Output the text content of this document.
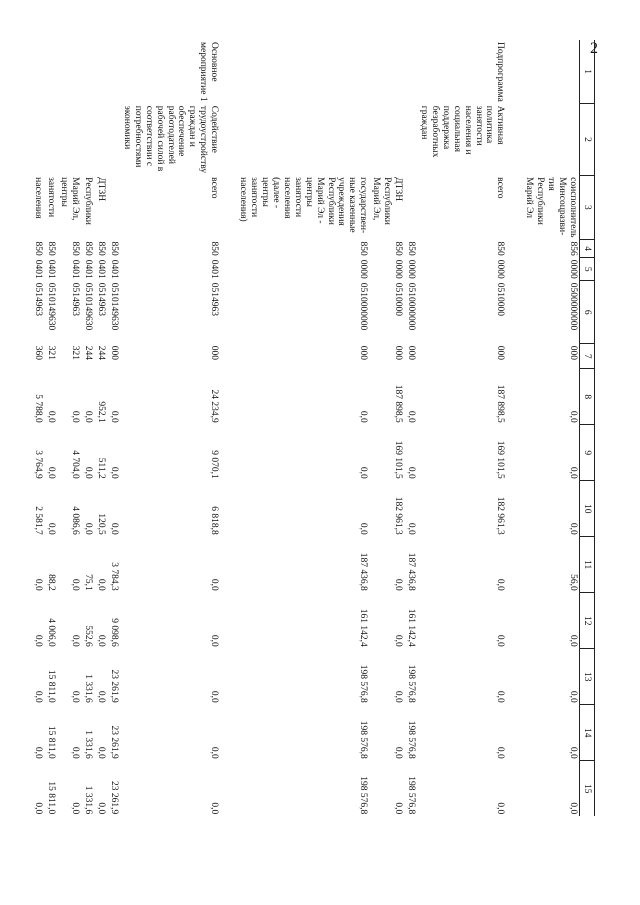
2
1	2	3	4	5	6	7	8	9	10	11	12	13	14	15
		соисполнитель Минсоцразви-тия Республики Марий Эл	856	0000	0500000000	000	0,0	0,0	0,0	56,0	0,0	0,0	0,0	0,0

Подпрограмма	Активная политика занятости населения и социальная поддержка безработных граждан	всего	850	0000	0510000	000	187 898,5	169 101,5	182 961,3	0,0	0,0	0,0	0,0	0,0
			850	0000	0510000000	000	0,0	0,0	0,0	187 436,8	161 142,4	198 576,8	198 576,8	198 576,8
		ДТЗН Республики Марий Эл,	850	0000	0510000	000	187 898,5	169 101,5	182 961,3	0,0	0,0	0,0	0,0	0,0
		государствен-ные казенные учреждения Республики Марий Эл - центры занятости населения (далее - центры занятости населения)	850	0000	0510000000	000	0,0	0,0	0,0	187 436,8	161 142,4	198 576,8	198 576,8	198 576,8

Основное мероприятие 1	Содействие трудоустройству граждан и обеспечение работодателей рабочей силой в соответствии с потребностями экономики	всего	850	0401	0514963	000	24 234,9	9 070,1	6 818,8	0,0	0,0	0,0	0,0	0,0
			850	0401	0510149630	000	0,0	0,0	0,0	3 784,3	9 098,6	23 261,9	23 261,9	23 261,9
		ДТЗН	850	0401	0514963	244	952,1	511,2	120,5	0,0	0,0	0,0	0,0	0,0
		Республики	850	0401	0510149630	244	0,0	0,0	0,0	75,1	552,6	1 331,6	1 331,6	1 331,6
		Марий Эл, центры	850	0401	0514963	321	0,0	4 704,0	4 086,6	0,0	0,0	0,0	0,0	0,0
		занятости	850	0401	0510149630	321	0,0	0,0	0,0	88,2	4 006,0	15 811,0	15 811,0	15 811,0
		населения	850	0401	0514963	360	5 788,0	3 764,9	2 581,7	0,0	0,0	0,0	0,0	0,0
